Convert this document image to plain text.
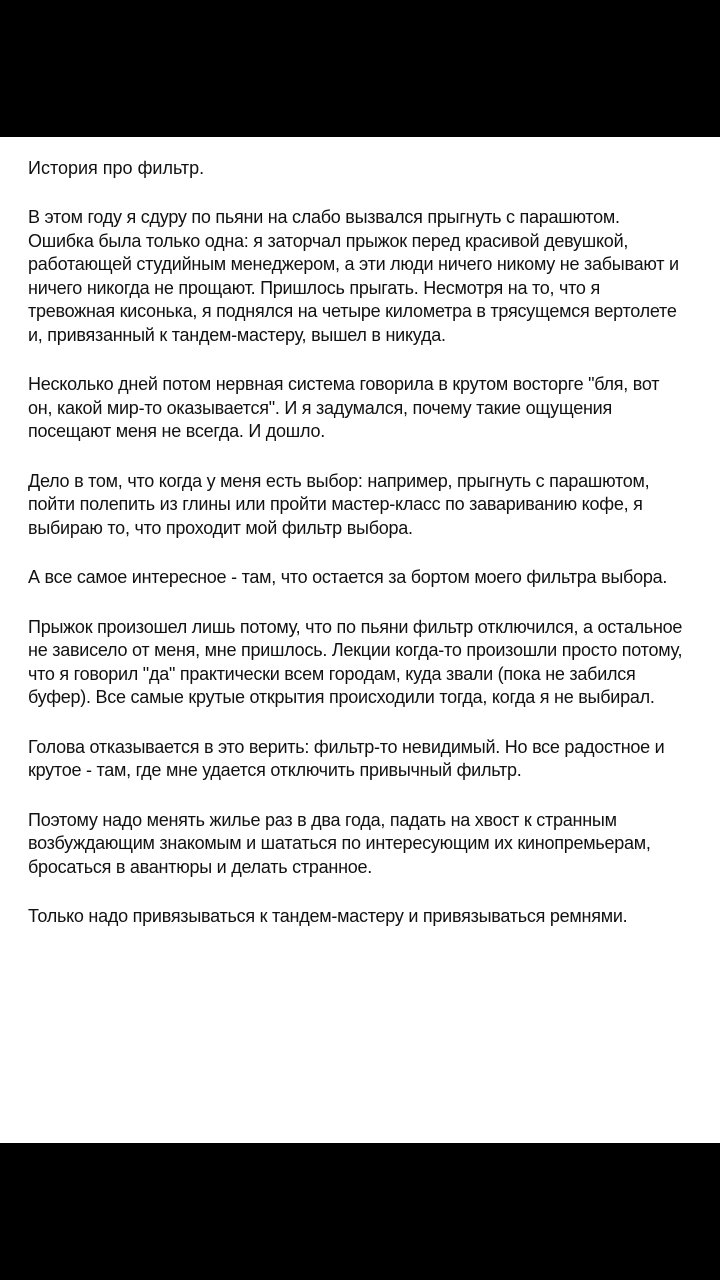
История про фильтр.

В этом году я сдуру по пьяни на слабо вызвался прыгнуть с парашютом. Ошибка была только одна: я заторчал прыжок перед красивой девушкой, работающей студийным менеджером, а эти люди ничего никому не забывают и ничего никогда не прощают. Пришлось прыгать. Несмотря на то, что я тревожная кисонька, я поднялся на четыре километра в трясущемся вертолете и, привязанный к тандем-мастеру, вышел в никуда.

Несколько дней потом нервная система говорила в крутом восторге "бля, вот он, какой мир-то оказывается". И я задумался, почему такие ощущения посещают меня не всегда. И дошло.

Дело в том, что когда у меня есть выбор: например, прыгнуть с парашютом, пойти полепить из глины или пройти мастер-класс по завариванию кофе, я выбираю то, что проходит мой фильтр выбора.

А все самое интересное - там, что остается за бортом моего фильтра выбора.

Прыжок произошел лишь потому, что по пьяни фильтр отключился, а остальное не зависело от меня, мне пришлось. Лекции когда-то произошли просто потому, что я говорил "да" практически всем городам, куда звали (пока не забился буфер). Все самые крутые открытия происходили тогда, когда я не выбирал.

Голова отказывается в это верить: фильтр-то невидимый. Но все радостное и крутое - там, где мне удается отключить привычный фильтр.

Поэтому надо менять жилье раз в два года, падать на хвост к странным возбуждающим знакомым и шататься по интересующим их кинопремьерам, бросаться в авантюры и делать странное.

Только надо привязываться к тандем-мастеру и привязываться ремнями.
